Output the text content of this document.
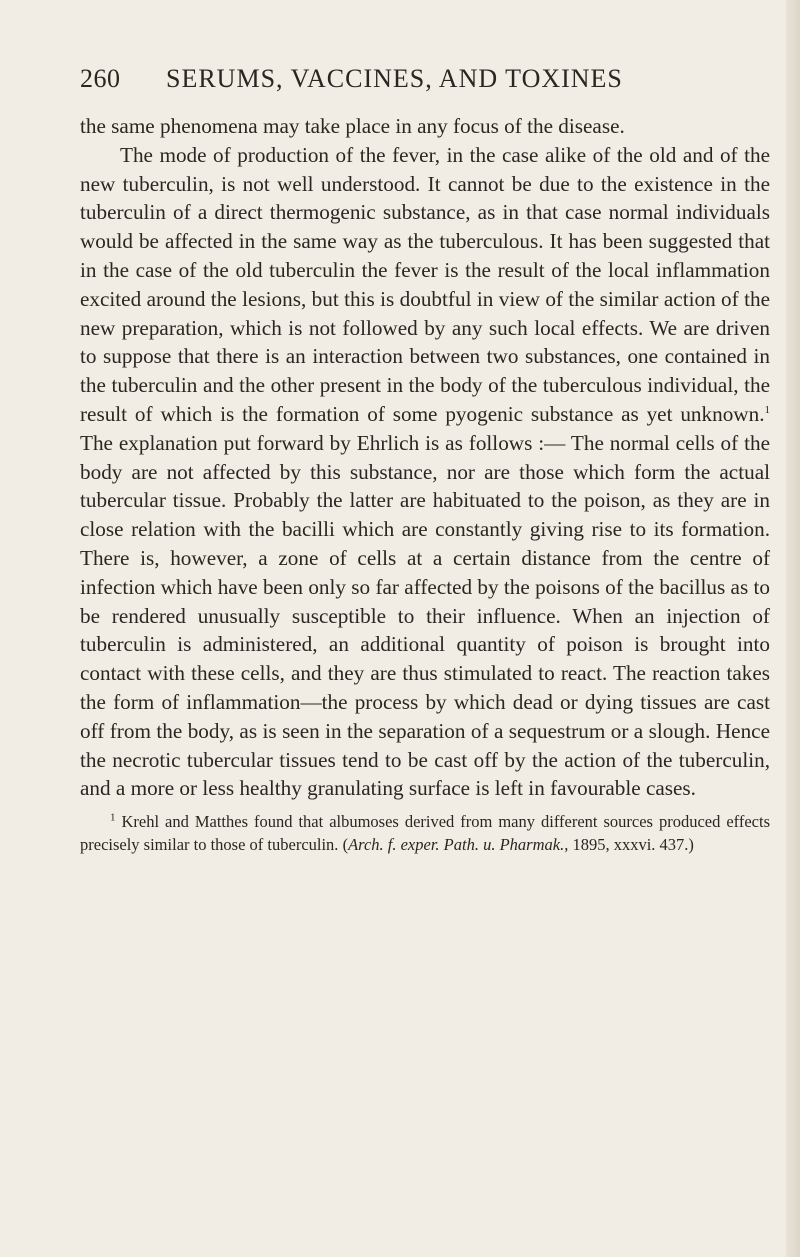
260 SERUMS, VACCINES, AND TOXINES

the same phenomena may take place in any focus of the disease.

The mode of production of the fever, in the case alike of the old and of the new tuberculin, is not well understood. It cannot be due to the existence in the tuberculin of a direct thermogenic substance, as in that case normal individuals would be affected in the same way as the tuberculous. It has been suggested that in the case of the old tuberculin the fever is the result of the local inflammation excited around the lesions, but this is doubtful in view of the similar action of the new preparation, which is not followed by any such local effects. We are driven to suppose that there is an interaction between two substances, one contained in the tuberculin and the other present in the body of the tuberculous individual, the result of which is the formation of some pyogenic substance as yet unknown.$^1$ The explanation put forward by Ehrlich is as follows :— The normal cells of the body are not affected by this substance, nor are those which form the actual tubercular tissue. Probably the latter are habituated to the poison, as they are in close relation with the bacilli which are constantly giving rise to its formation. There is, however, a zone of cells at a certain distance from the centre of infection which have been only so far affected by the poisons of the bacillus as to be rendered unusually susceptible to their influence. When an injection of tuberculin is administered, an additional quantity of poison is brought into contact with these cells, and they are thus stimulated to react. The reaction takes the form of inflammation—the process by which dead or dying tissues are cast off from the body, as is seen in the separation of a sequestrum or a slough. Hence the necrotic tubercular tissues tend to be cast off by the action of the tuberculin, and a more or less healthy granulating surface is left in favourable cases.

$^1$ Krehl and Matthes found that albumoses derived from many different sources produced effects precisely similar to those of tuberculin. (Arch. f. exper. Path. u. Pharmak., 1895, xxxvi. 437.)
